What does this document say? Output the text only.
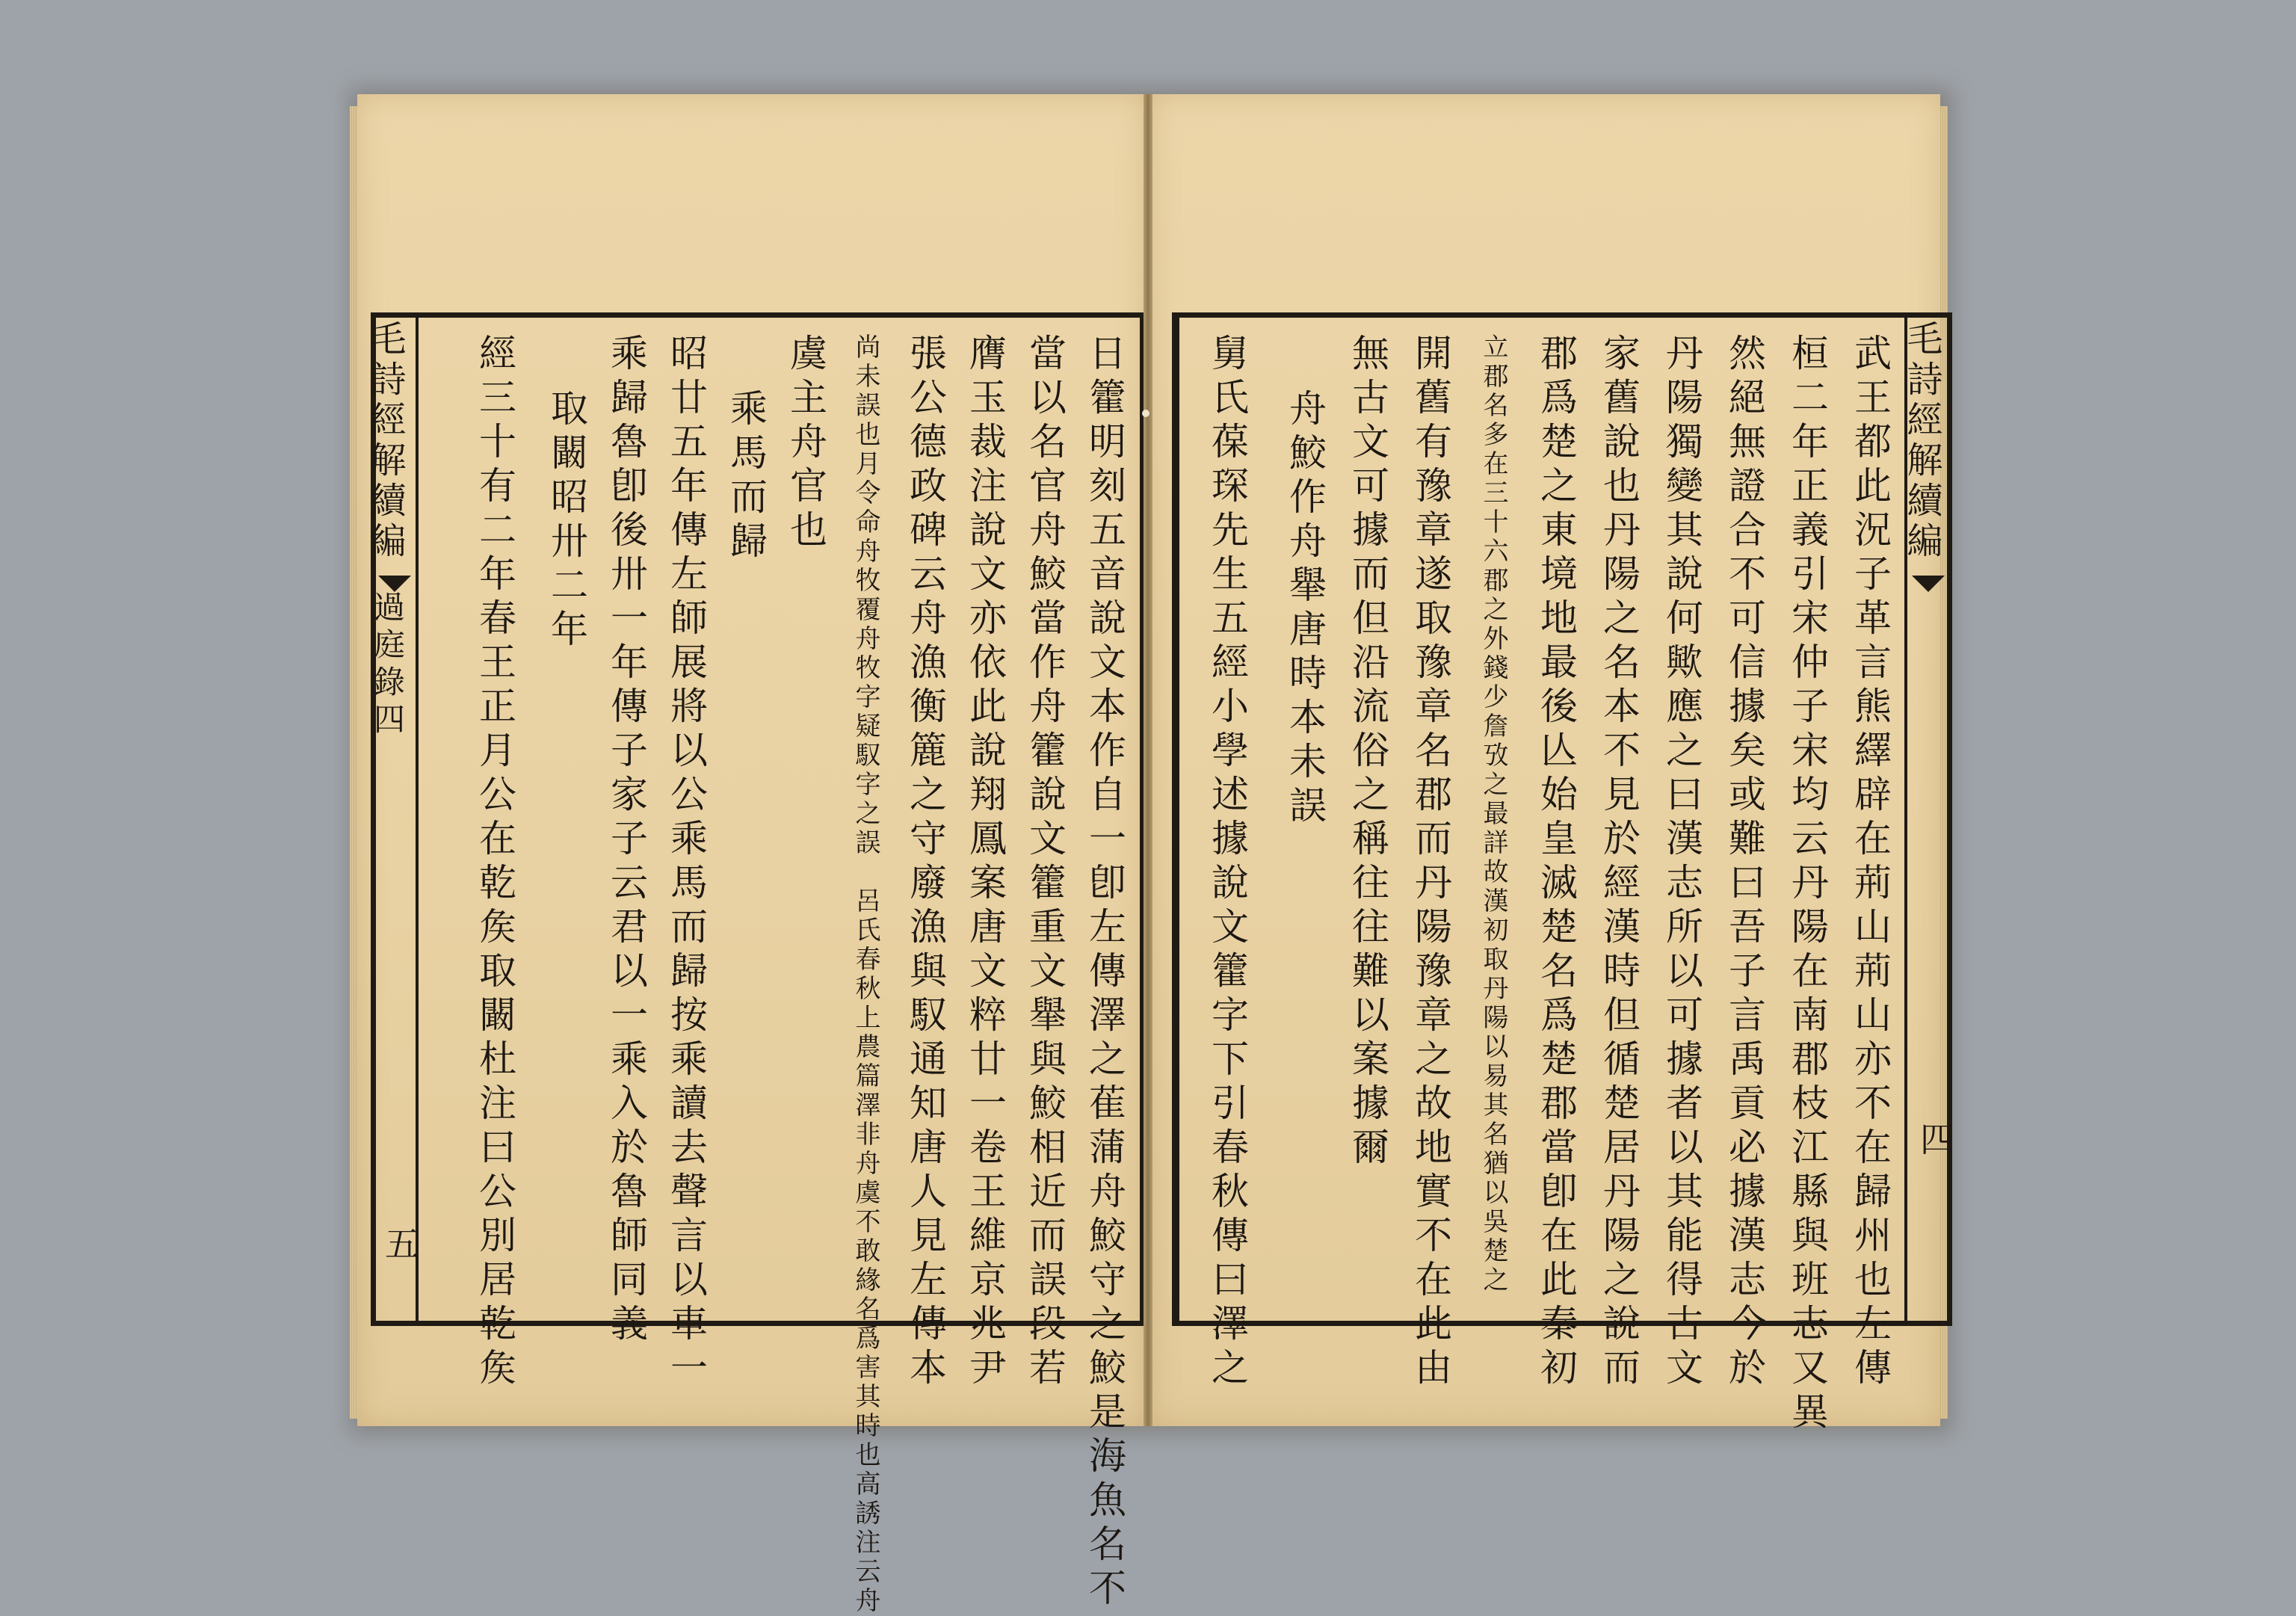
毛詩經解續編
過庭錄四
五	日籗明刻五音說文本作自一卽左傳澤之萑蒲舟鮫守之鮫是海魚名不
當以名官舟鮫當作舟籗說文籗重文𦦙與鮫相近而誤段若
膺玉裁注說文亦依此說翔鳳案唐文粹廿一卷王維京兆尹
張公德政碑云舟漁衡簏之守廢漁與馭通知唐人見左傳本
尚未誤也月令命舟牧覆舟牧字疑馭字之誤　呂氏春秋上農篇澤非舟虞不敢緣名爲害其時也高誘注云舟
虞主舟官也
乘馬而歸
昭廿五年傳左師展將以公乘馬而歸按乘讀去聲言以車一
乘歸魯卽後卅一年傳子家子云君以一乘入於魯師同義
取闞昭卅二年
經三十有二年春王正月公在乾矦取闞杜注曰公別居乾矦	毛詩經解續編
四
武王都此況子革言熊繹辟在荊山荊山亦不在歸州也左傳
桓二年正義引宋仲子宋均云丹陽在南郡枝江縣與班志又異
然絕無證合不可信據矣或難曰吾子言禹貢必據漢志今於
丹陽獨變其說何歟應之曰漢志所以可據者以其能得古文
家舊說也丹陽之名本不見於經漢時但循楚居丹陽之說而
郡爲楚之東境地最後亾始皇滅楚名爲楚郡當卽在此秦初
立郡名多在三十六郡之外錢少詹攷之最詳故漢初取丹陽以易其名猶以吳楚之
開舊有豫章遂取豫章名郡而丹陽豫章之故地實不在此由
無古文可據而但沿流俗之稱往往難以案據爾
舟鮫作舟𦦙唐時本未誤
舅氏葆琛先生五經小學述據說文籗字下引春秋傳曰澤之
